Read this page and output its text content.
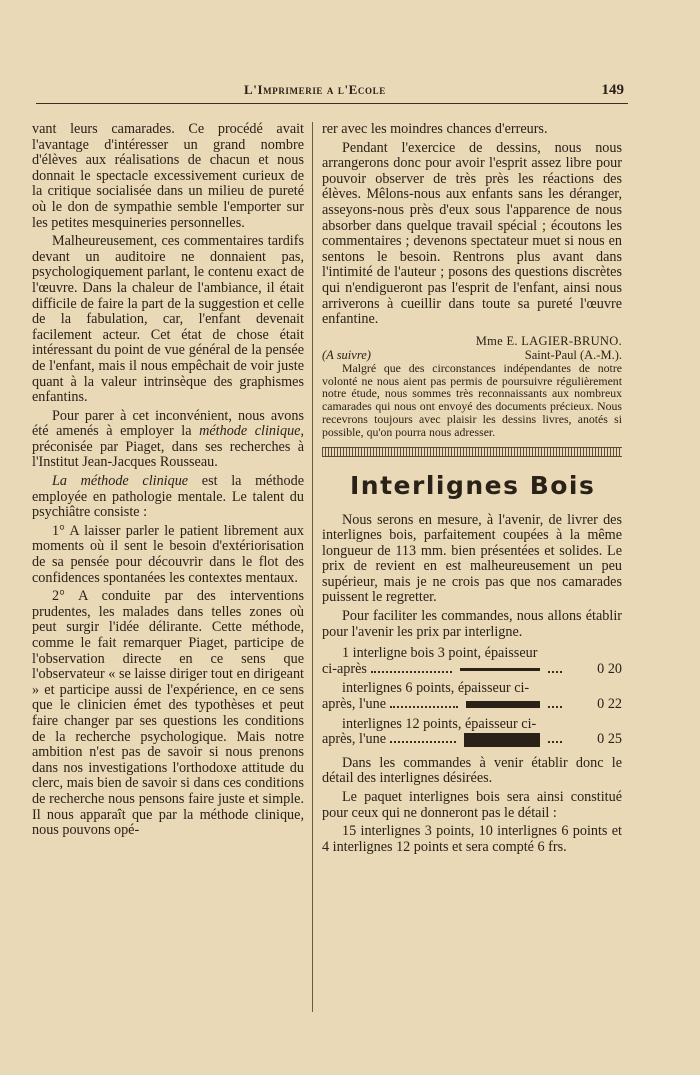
L'Imprimerie a l'Ecole	149

vant leurs camarades. Ce procédé avait l'avantage d'intéresser un grand nombre d'élèves aux réalisations de chacun et nous donnait le spectacle excessivement curieux de la critique socialisée dans un milieu de pureté où le don de sympathie semble l'emporter sur les petites mesquineries personnelles.

Malheureusement, ces commentaires tardifs devant un auditoire ne donnaient pas, psychologiquement parlant, le contenu exact de l'œuvre. Dans la chaleur de l'ambiance, il était difficile de faire la part de la suggestion et celle de la fabulation, car, l'enfant devenait facilement acteur. Cet état de chose était intéressant du point de vue général de la pensée de l'enfant, mais il nous empêchait de voir juste quant à la valeur intrinsèque des graphismes enfantins.

Pour parer à cet inconvénient, nous avons été amenés à employer la méthode clinique, préconisée par Piaget, dans ses recherches à l'Institut Jean-Jacques Rousseau.

La méthode clinique est la méthode employée en pathologie mentale. Le talent du psychiâtre consiste :

1° A laisser parler le patient librement aux moments où il sent le besoin d'extériorisation de sa pensée pour découvrir dans le flot des confidences spontanées les contextes mentaux.

2° A conduite par des interventions prudentes, les malades dans telles zones où peut surgir l'idée délirante. Cette méthode, comme le fait remarquer Piaget, participe de l'observation directe en ce sens que l'observateur « se laisse diriger tout en dirigeant » et participe aussi de l'expérience, en ce sens que le clinicien émet des typothèses et peut faire changer par ses questions les conditions de la recherche psychologique. Mais notre ambition n'est pas de savoir si nous prenons dans nos investigations l'orthodoxe attitude du clerc, mais bien de savoir si dans ces conditions de recherche nous pensons faire juste et simple. Il nous apparaît que par la méthode clinique, nous pouvons opé-

rer avec les moindres chances d'erreurs.

Pendant l'exercice de dessins, nous nous arrangerons donc pour avoir l'esprit assez libre pour pouvoir observer de très près les réactions des élèves. Mêlons-nous aux enfants sans les déranger, asseyons-nous près d'eux sous l'apparence de nous absorber dans quelque travail spécial ; écoutons les commentaires ; devenons spectateur muet si nous en sentons le besoin. Rentrons plus avant dans l'intimité de l'auteur ; posons des questions discrètes qui n'endigueront pas l'esprit de l'enfant, ainsi nous arriverons à cueillir dans toute sa pureté l'œuvre enfantine.

Mme E. LAGIER-BRUNO.
(A suivre)	Saint-Paul (A.-M.).

Malgré que des circonstances indépendantes de notre volonté ne nous aient pas permis de poursuivre régulièrement notre étude, nous sommes très reconnaissants aux nombreux camarades qui nous ont envoyé des documents précieux. Nous recevrons toujours avec plaisir les dessins livres, anotés si possible, qu'on pourra nous adresser.

Interlignes Bois

Nous serons en mesure, à l'avenir, de livrer des interlignes bois, parfaitement coupées à la même longueur de 113 mm. bien présentées et solides. Le prix de revient en est malheureusement un peu supérieur, mais je ne crois pas que nos camarades puissent le regretter.

Pour faciliter les commandes, nous allons établir pour l'avenir les prix par interligne.

1 interligne bois 3 point, épaisseur
ci-après	0 20
interlignes 6 points, épaisseur ci-
après, l'une	0 22
interlignes 12 points, épaisseur ci-
après, l'une	0 25

Dans les commandes à venir établir donc le détail des interlignes désirées.

Le paquet interlignes bois sera ainsi constitué pour ceux qui ne donneront pas le détail :

15 interlignes 3 points, 10 interlignes 6 points et 4 interlignes 12 points et sera compté 6 frs.
